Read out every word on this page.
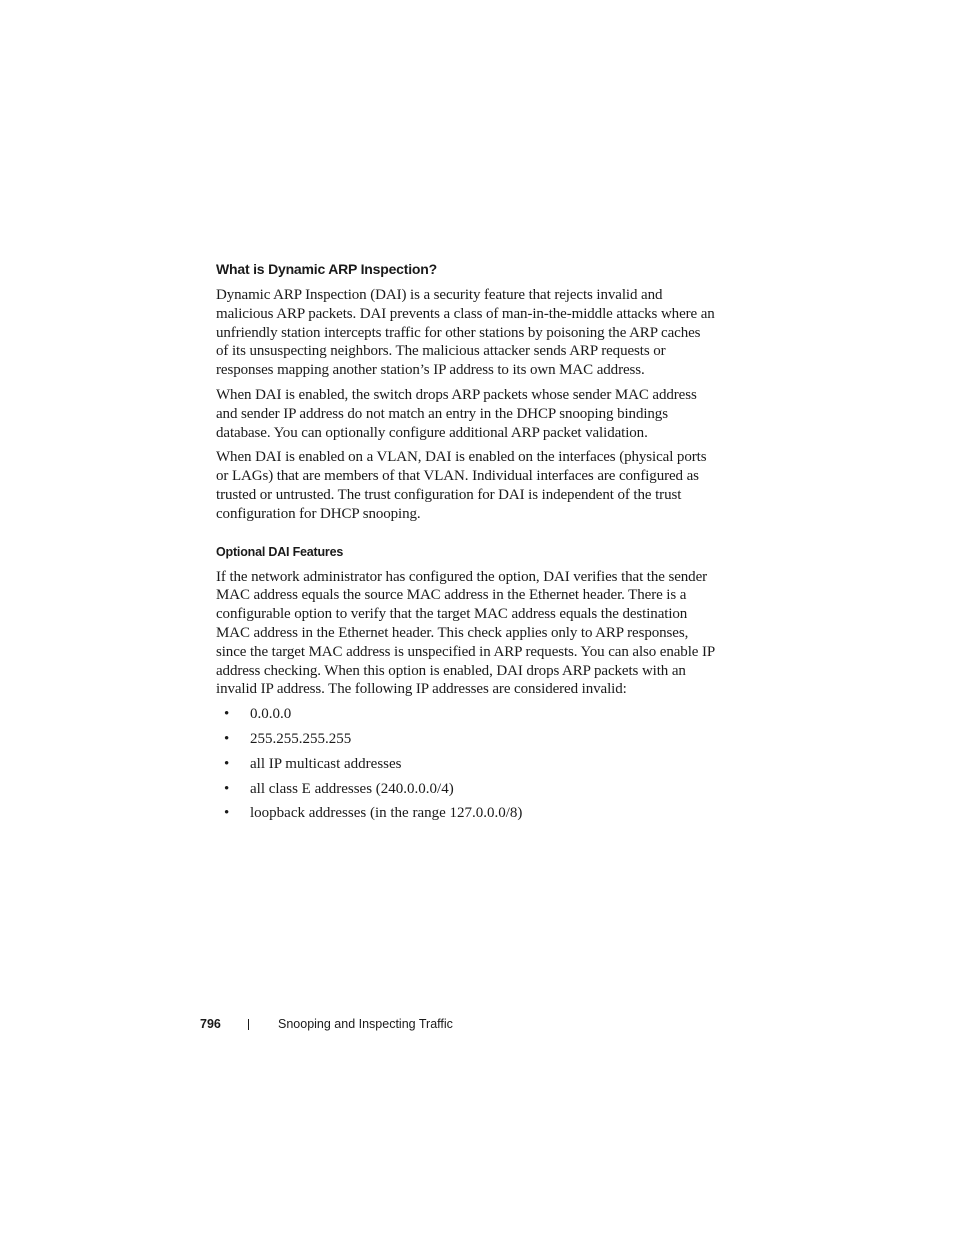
What is Dynamic ARP Inspection?

Dynamic ARP Inspection (DAI) is a security feature that rejects invalid and malicious ARP packets. DAI prevents a class of man-in-the-middle attacks where an unfriendly station intercepts traffic for other stations by poisoning the ARP caches of its unsuspecting neighbors. The malicious attacker sends ARP requests or responses mapping another station’s IP address to its own MAC address.

When DAI is enabled, the switch drops ARP packets whose sender MAC address and sender IP address do not match an entry in the DHCP snooping bindings database. You can optionally configure additional ARP packet validation.

When DAI is enabled on a VLAN, DAI is enabled on the interfaces (physical ports or LAGs) that are members of that VLAN. Individual interfaces are configured as trusted or untrusted. The trust configuration for DAI is independent of the trust configuration for DHCP snooping.

Optional DAI Features

If the network administrator has configured the option, DAI verifies that the sender MAC address equals the source MAC address in the Ethernet header. There is a configurable option to verify that the target MAC address equals the destination MAC address in the Ethernet header. This check applies only to ARP responses, since the target MAC address is unspecified in ARP requests. You can also enable IP address checking. When this option is enabled, DAI drops ARP packets with an invalid IP address. The following IP addresses are considered invalid:

• 0.0.0.0
• 255.255.255.255
• all IP multicast addresses
• all class E addresses (240.0.0.0/4)
• loopback addresses (in the range 127.0.0.0/8)
796	Snooping and Inspecting Traffic
